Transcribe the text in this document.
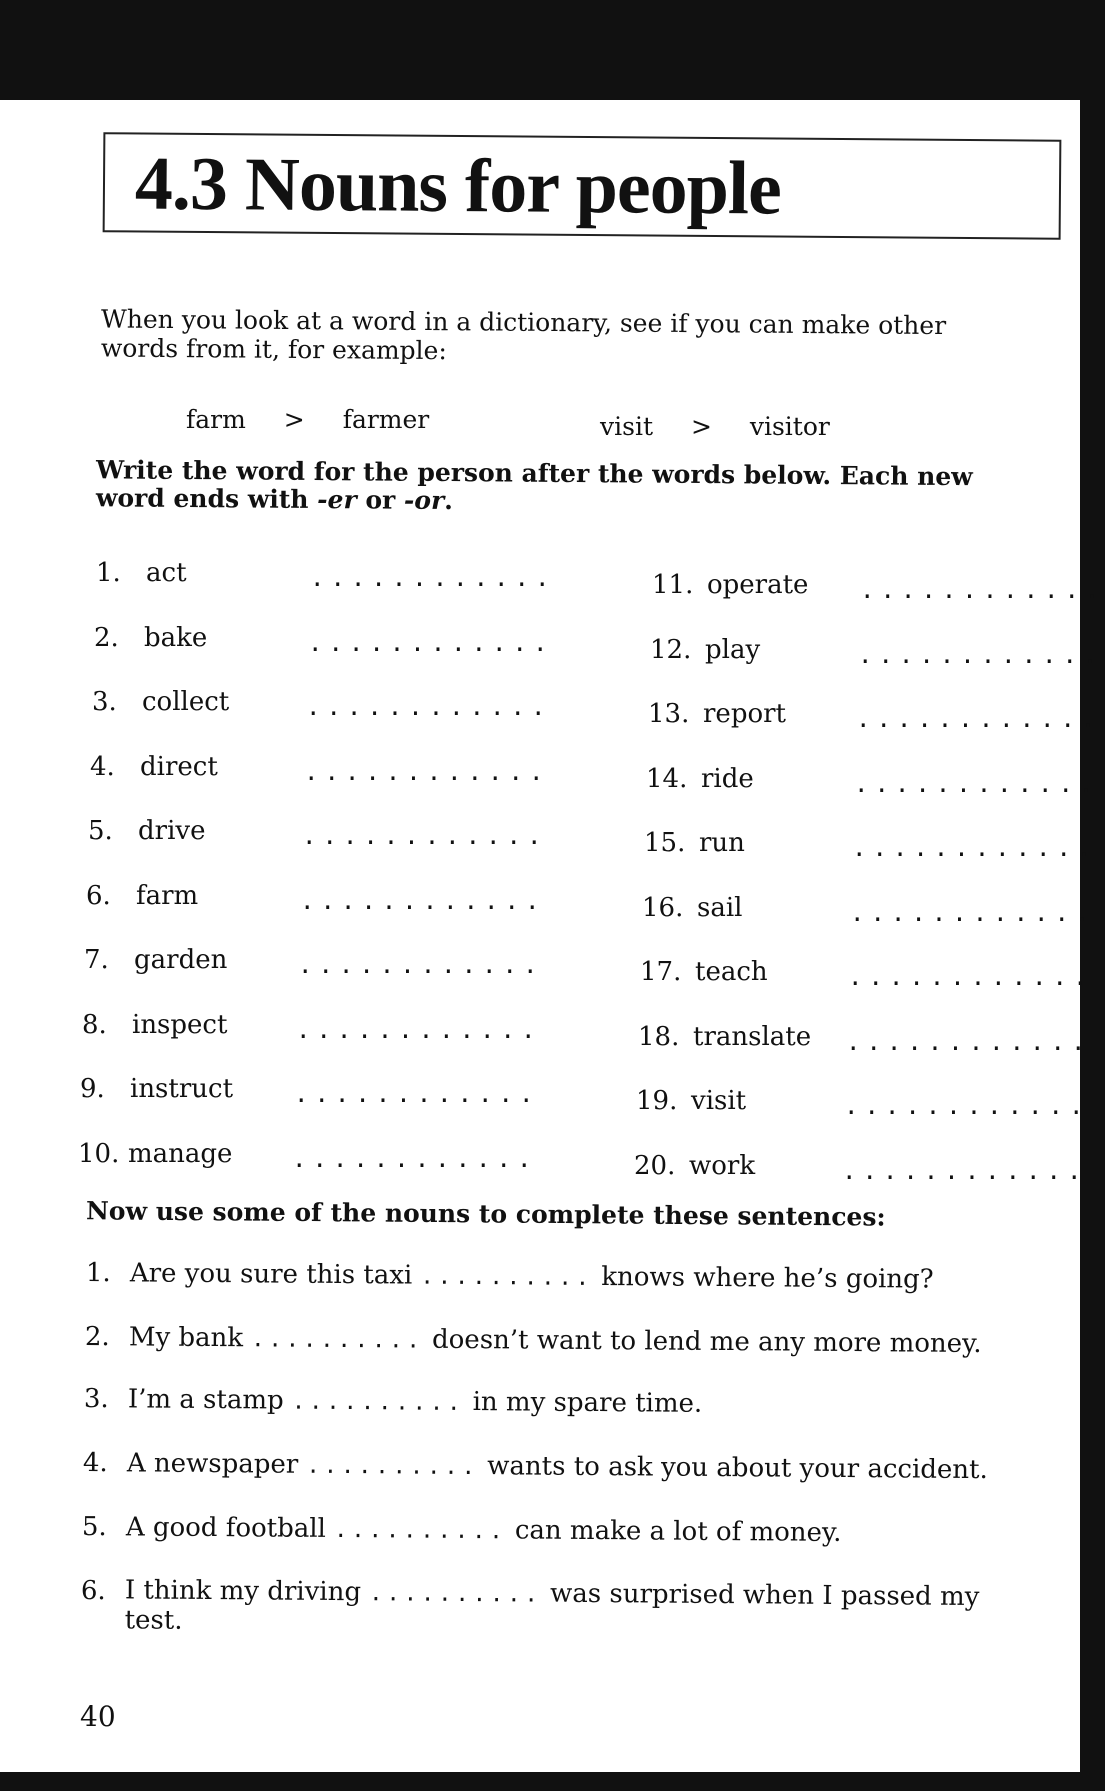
4.3 Nouns for people
When you look at a word in a dictionary, see if you can make other words from it, for example:
farm > farmer	visit > visitor
Write the word for the person after the words below. Each new word ends with -er or -or.
1. act	............
2. bake	............
3. collect	............
4. direct	............
5. drive	............
6. farm	............
7. garden	............
8. inspect	............
9. instruct	............
10. manage ............
11. operate ............
12. play	............
13. report	............
14. ride	............
15. run	............
16. sail	............
17. teach	............
18. translate ............
19. visit	............
20. work	............
Now use some of the nouns to complete these sentences:
1. Are you sure this taxi .......... knows where he’s going?
2. My bank .......... doesn’t want to lend me any more money.
3. I’m a stamp .......... in my spare time.
4. A newspaper .......... wants to ask you about your accident.
5. A good football .......... can make a lot of money.
6. I think my driving .......... was surprised when I passed my
test.
40
